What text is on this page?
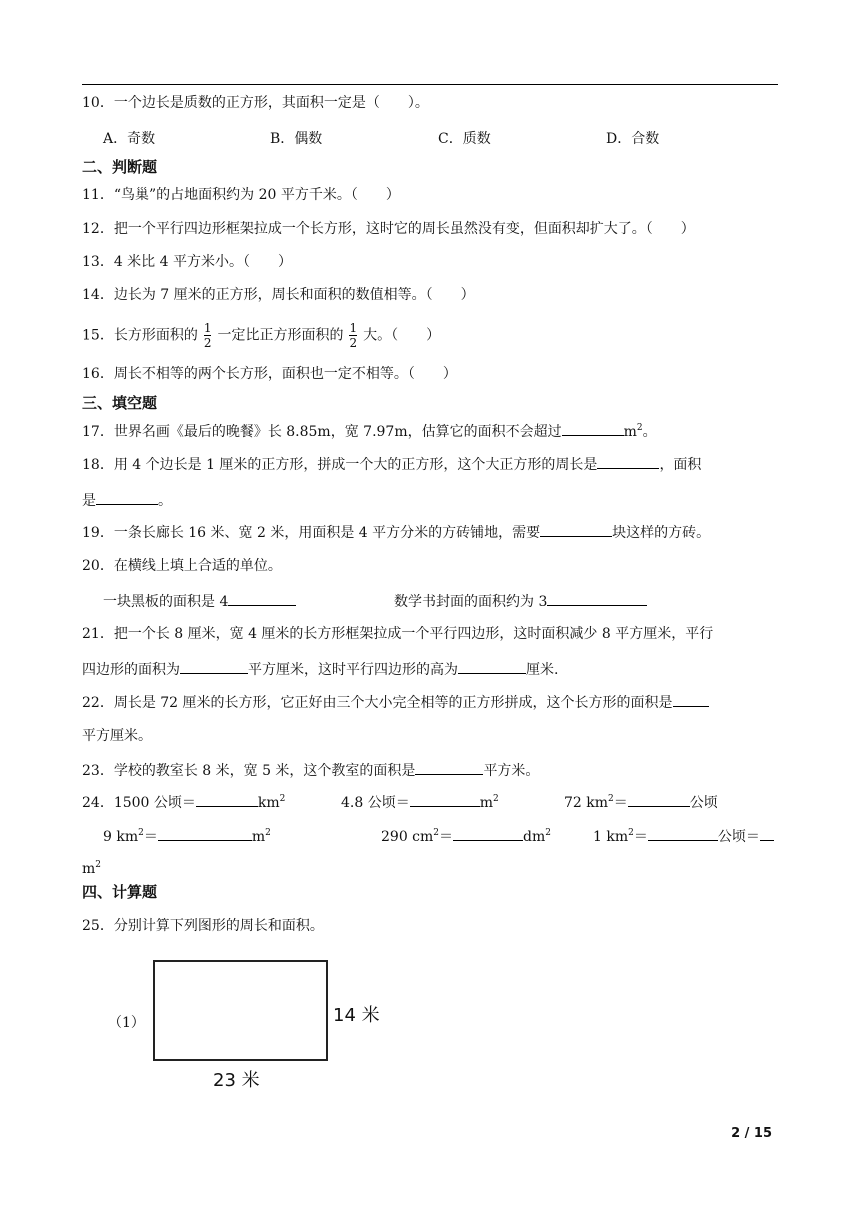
10．一个边长是质数的正方形，其面积一定是（　　）。
A．奇数	B．偶数	C．质数	D．合数
二、判断题
11．“鸟巢”的占地面积约为 20 平方千米。（　　）
12．把一个平行四边形框架拉成一个长方形，这时它的周长虽然没有变，但面积却扩大了。（　　）
13．4 米比 4 平方米小。（　　）
14．边长为 7 厘米的正方形，周长和面积的数值相等。（　　）
15．长方形面积的 $\frac{1}{2}$ 一定比正方形面积的 $\frac{1}{2}$ 大。（　　）
16．周长不相等的两个长方形，面积也一定不相等。（　　）
三、填空题
17．世界名画《最后的晚餐》长 8.85m，宽 7.97m，估算它的面积不会超过	$m^2$。
18．用 4 个边长是 1 厘米的正方形，拼成一个大的正方形，这个大正方形的周长是	，面积
是	。
19．一条长廊长 16 米、宽 2 米，用面积是 4 平方分米的方砖铺地，需要	块这样的方砖。
20．在横线上填上合适的单位。
一块黑板的面积是 4	数学书封面的面积约为 3
21．把一个长 8 厘米，宽 4 厘米的长方形框架拉成一个平行四边形，这时面积减少 8 平方厘米，平行
四边形的面积为	平方厘米，这时平行四边形的高为	厘米.
22．周长是 72 厘米的长方形，它正好由三个大小完全相等的正方形拼成，这个长方形的面积是
平方厘米。
23．学校的教室长 8 米，宽 5 米，这个教室的面积是	平方米。
24．1500 公顷＝	$km^2$	4.8 公顷＝	$m^2$	72 $km^2=$	公顷
9 $km^2=$	$m^2$	290 $cm^2=$	$dm^2$	1 $km^2=$	公顷＝
$m^2$
四、计算题
25．分别计算下列图形的周长和面积。
（1）	14 米
23 米
2 / 15
